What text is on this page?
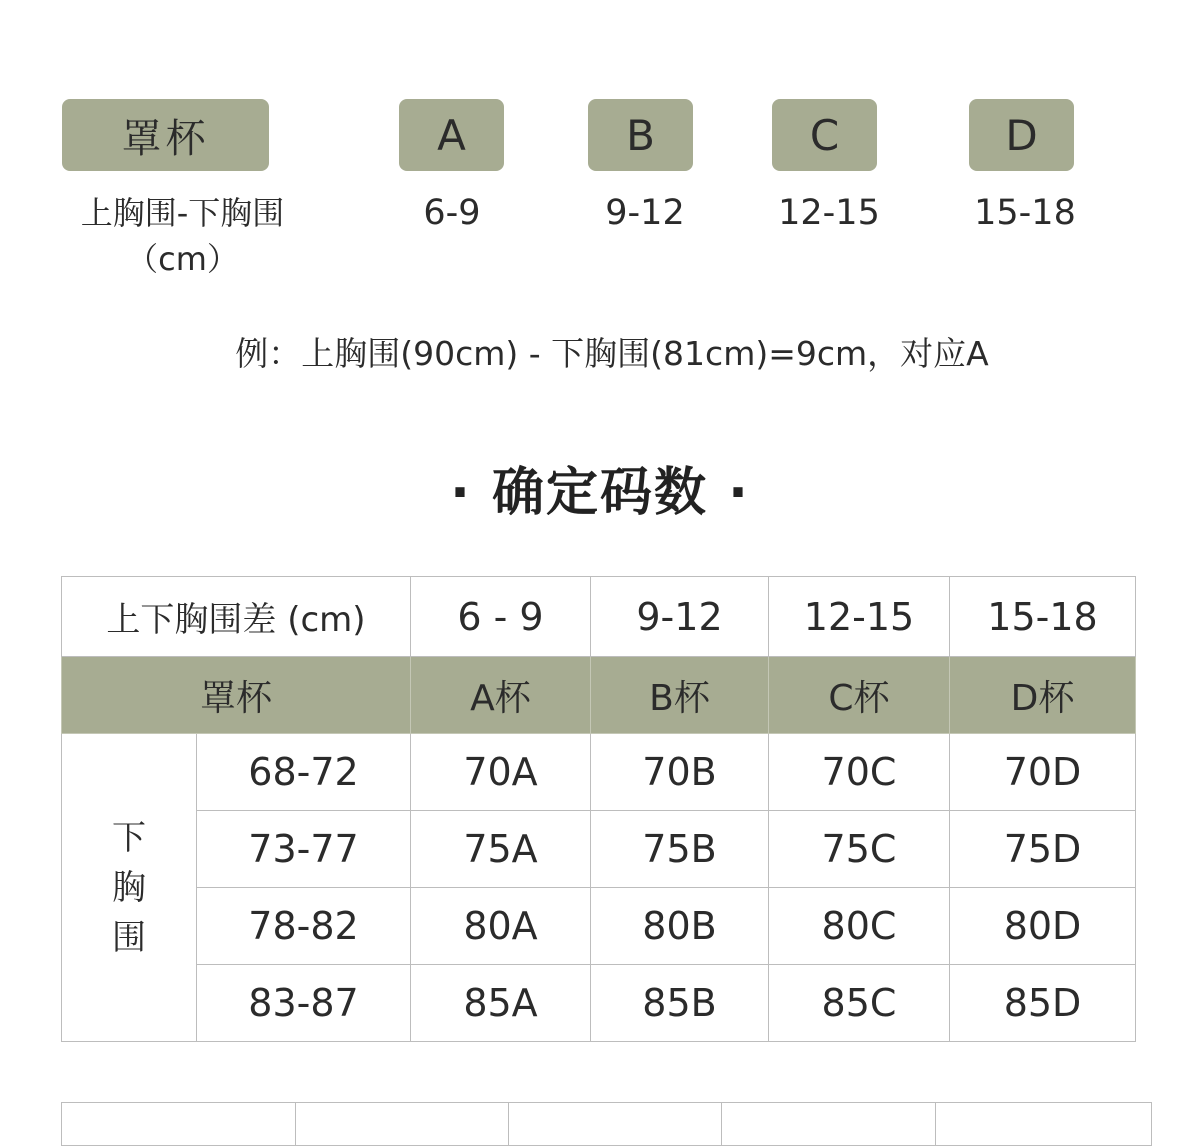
罩杯	A	B	C	D
上胸围-下胸围
（cm）
6-9	9-12	12-15	15-18
例：上胸围(90cm) - 下胸围(81cm)=9cm，对应A
· 确定码数 ·
上下胸围差 (cm)		6 - 9	9-12	12-15	15-18
罩杯		A杯	B杯	C杯	D杯

下
胸
围	68-72	70A	70B	70C	70D
	73-77	75A	75B	75C	75D
	78-82	80A	80B	80C	80D
	83-87	85A	85B	85C	85D
